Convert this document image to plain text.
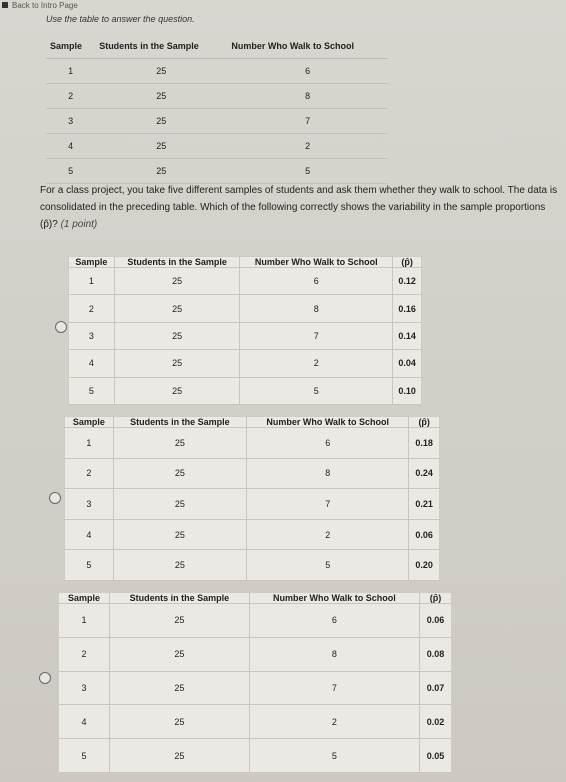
Back to Intro Page
Use the table to answer the question.
Sample	Students in the Sample	Number Who Walk to School
1	25	6
2	25	8
3	25	7
4	25	2
5	25	5
For a class project, you take five different samples of students and ask them whether they walk to school. The data is consolidated in the preceding table. Which of the following correctly shows the variability in the sample proportions (p̂)? (1 point)
Sample	Students in the Sample	Number Who Walk to School	(p̂)
1	25	6	0.12
2	25	8	0.16
3	25	7	0.14
4	25	2	0.04
5	25	5	0.10
Sample	Students in the Sample	Number Who Walk to School	(p̂)
1	25	6	0.18
2	25	8	0.24
3	25	7	0.21
4	25	2	0.06
5	25	5	0.20
Sample	Students in the Sample	Number Who Walk to School	(p̂)
1	25	6	0.06
2	25	8	0.08
3	25	7	0.07
4	25	2	0.02
5	25	5	0.05
